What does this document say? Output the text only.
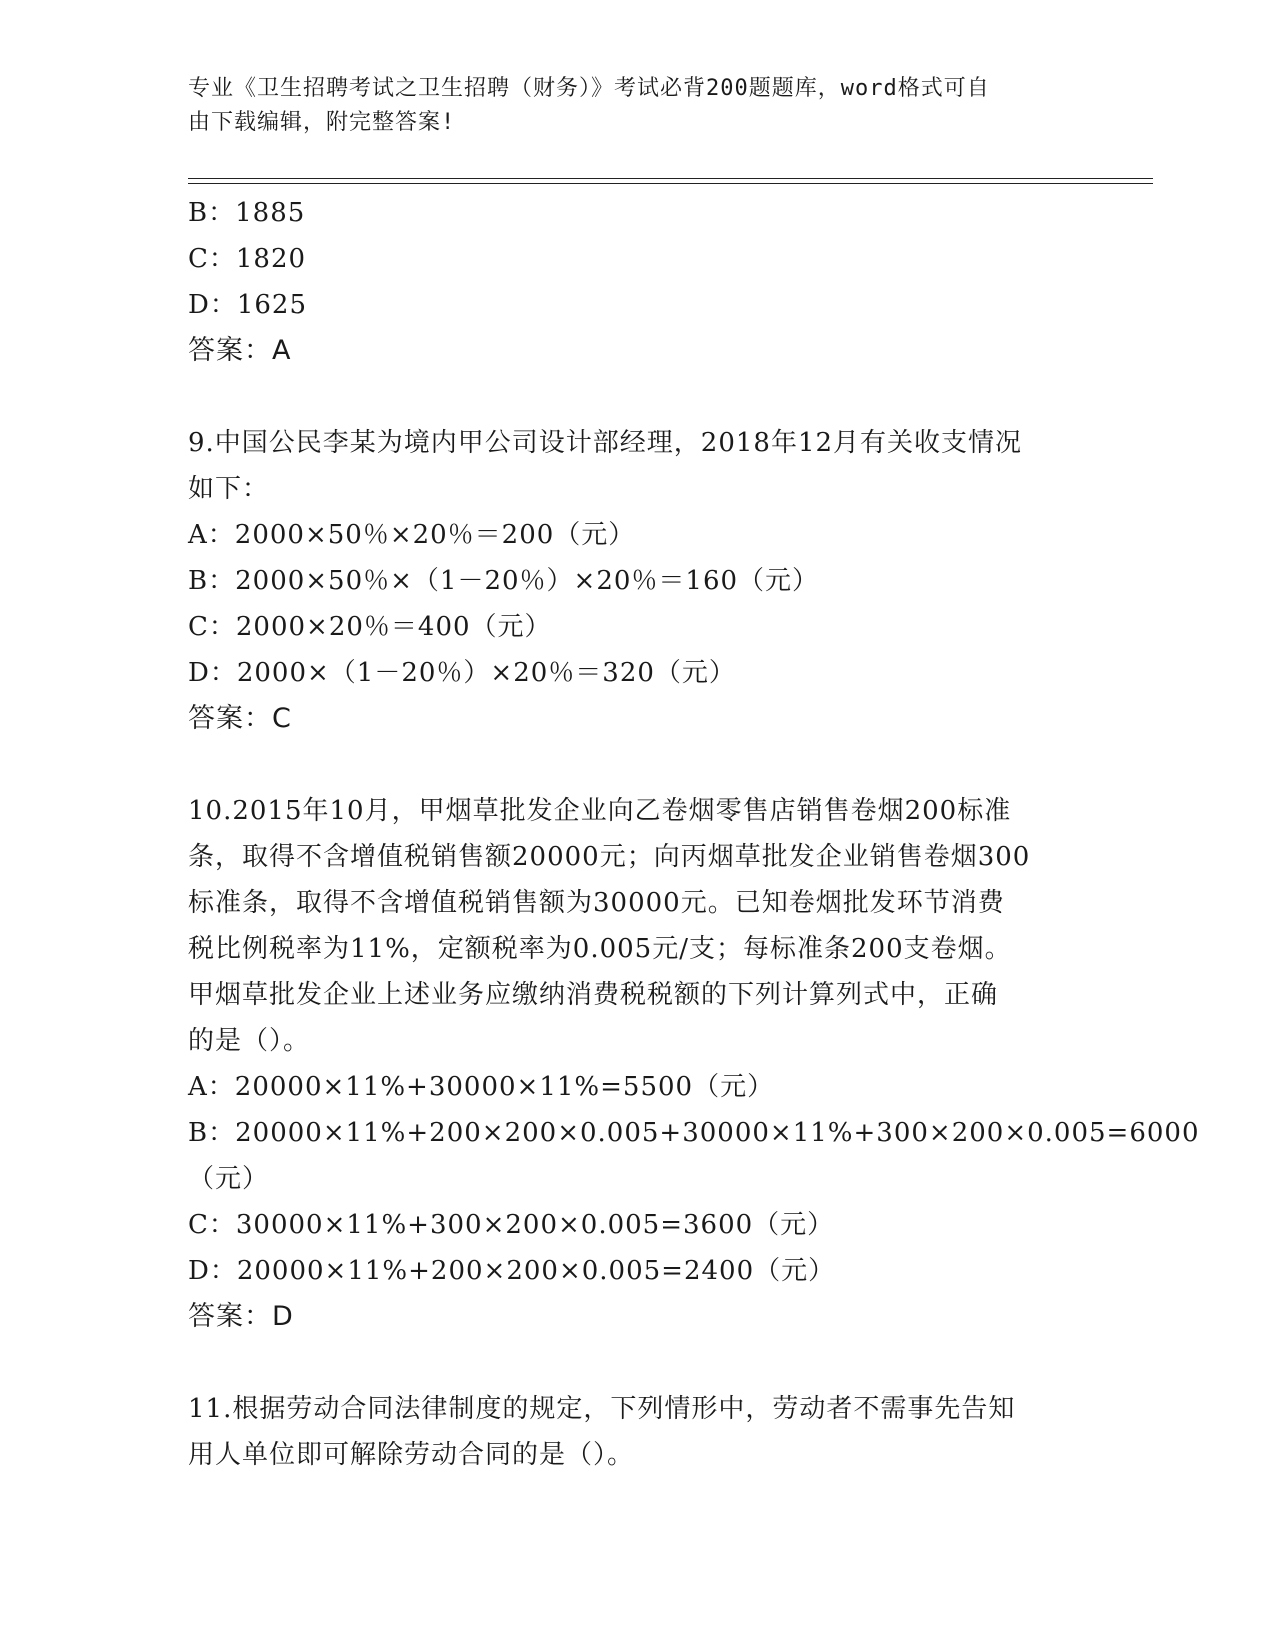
专业《卫生招聘考试之卫生招聘（财务）》考试必背200题题库，word格式可自
由下载编辑，附完整答案!

B：1885

C：1820

D：1625

答案：A

9.中国公民李某为境内甲公司设计部经理，2018年12月有关收支情况

如下：

A：2000×50％×20％＝200（元）

B：2000×50％×（1－20％）×20％＝160（元）

C：2000×20％＝400（元）

D：2000×（1－20％）×20％＝320（元）

答案：C

10.2015年10月，甲烟草批发企业向乙卷烟零售店销售卷烟200标准

条，取得不含增值税销售额20000元；向丙烟草批发企业销售卷烟300

标准条，取得不含增值税销售额为30000元。已知卷烟批发环节消费

税比例税率为11%，定额税率为0.005元/支；每标准条200支卷烟。

甲烟草批发企业上述业务应缴纳消费税税额的下列计算列式中，正确

的是（）。

A：20000×11%+30000×11%=5500（元）

B：20000×11%+200×200×0.005+30000×11%+300×200×0.005=6000

（元）

C：30000×11%+300×200×0.005=3600（元）

D：20000×11%+200×200×0.005=2400（元）

答案：D

11.根据劳动合同法律制度的规定，下列情形中，劳动者不需事先告知

用人单位即可解除劳动合同的是（）。
